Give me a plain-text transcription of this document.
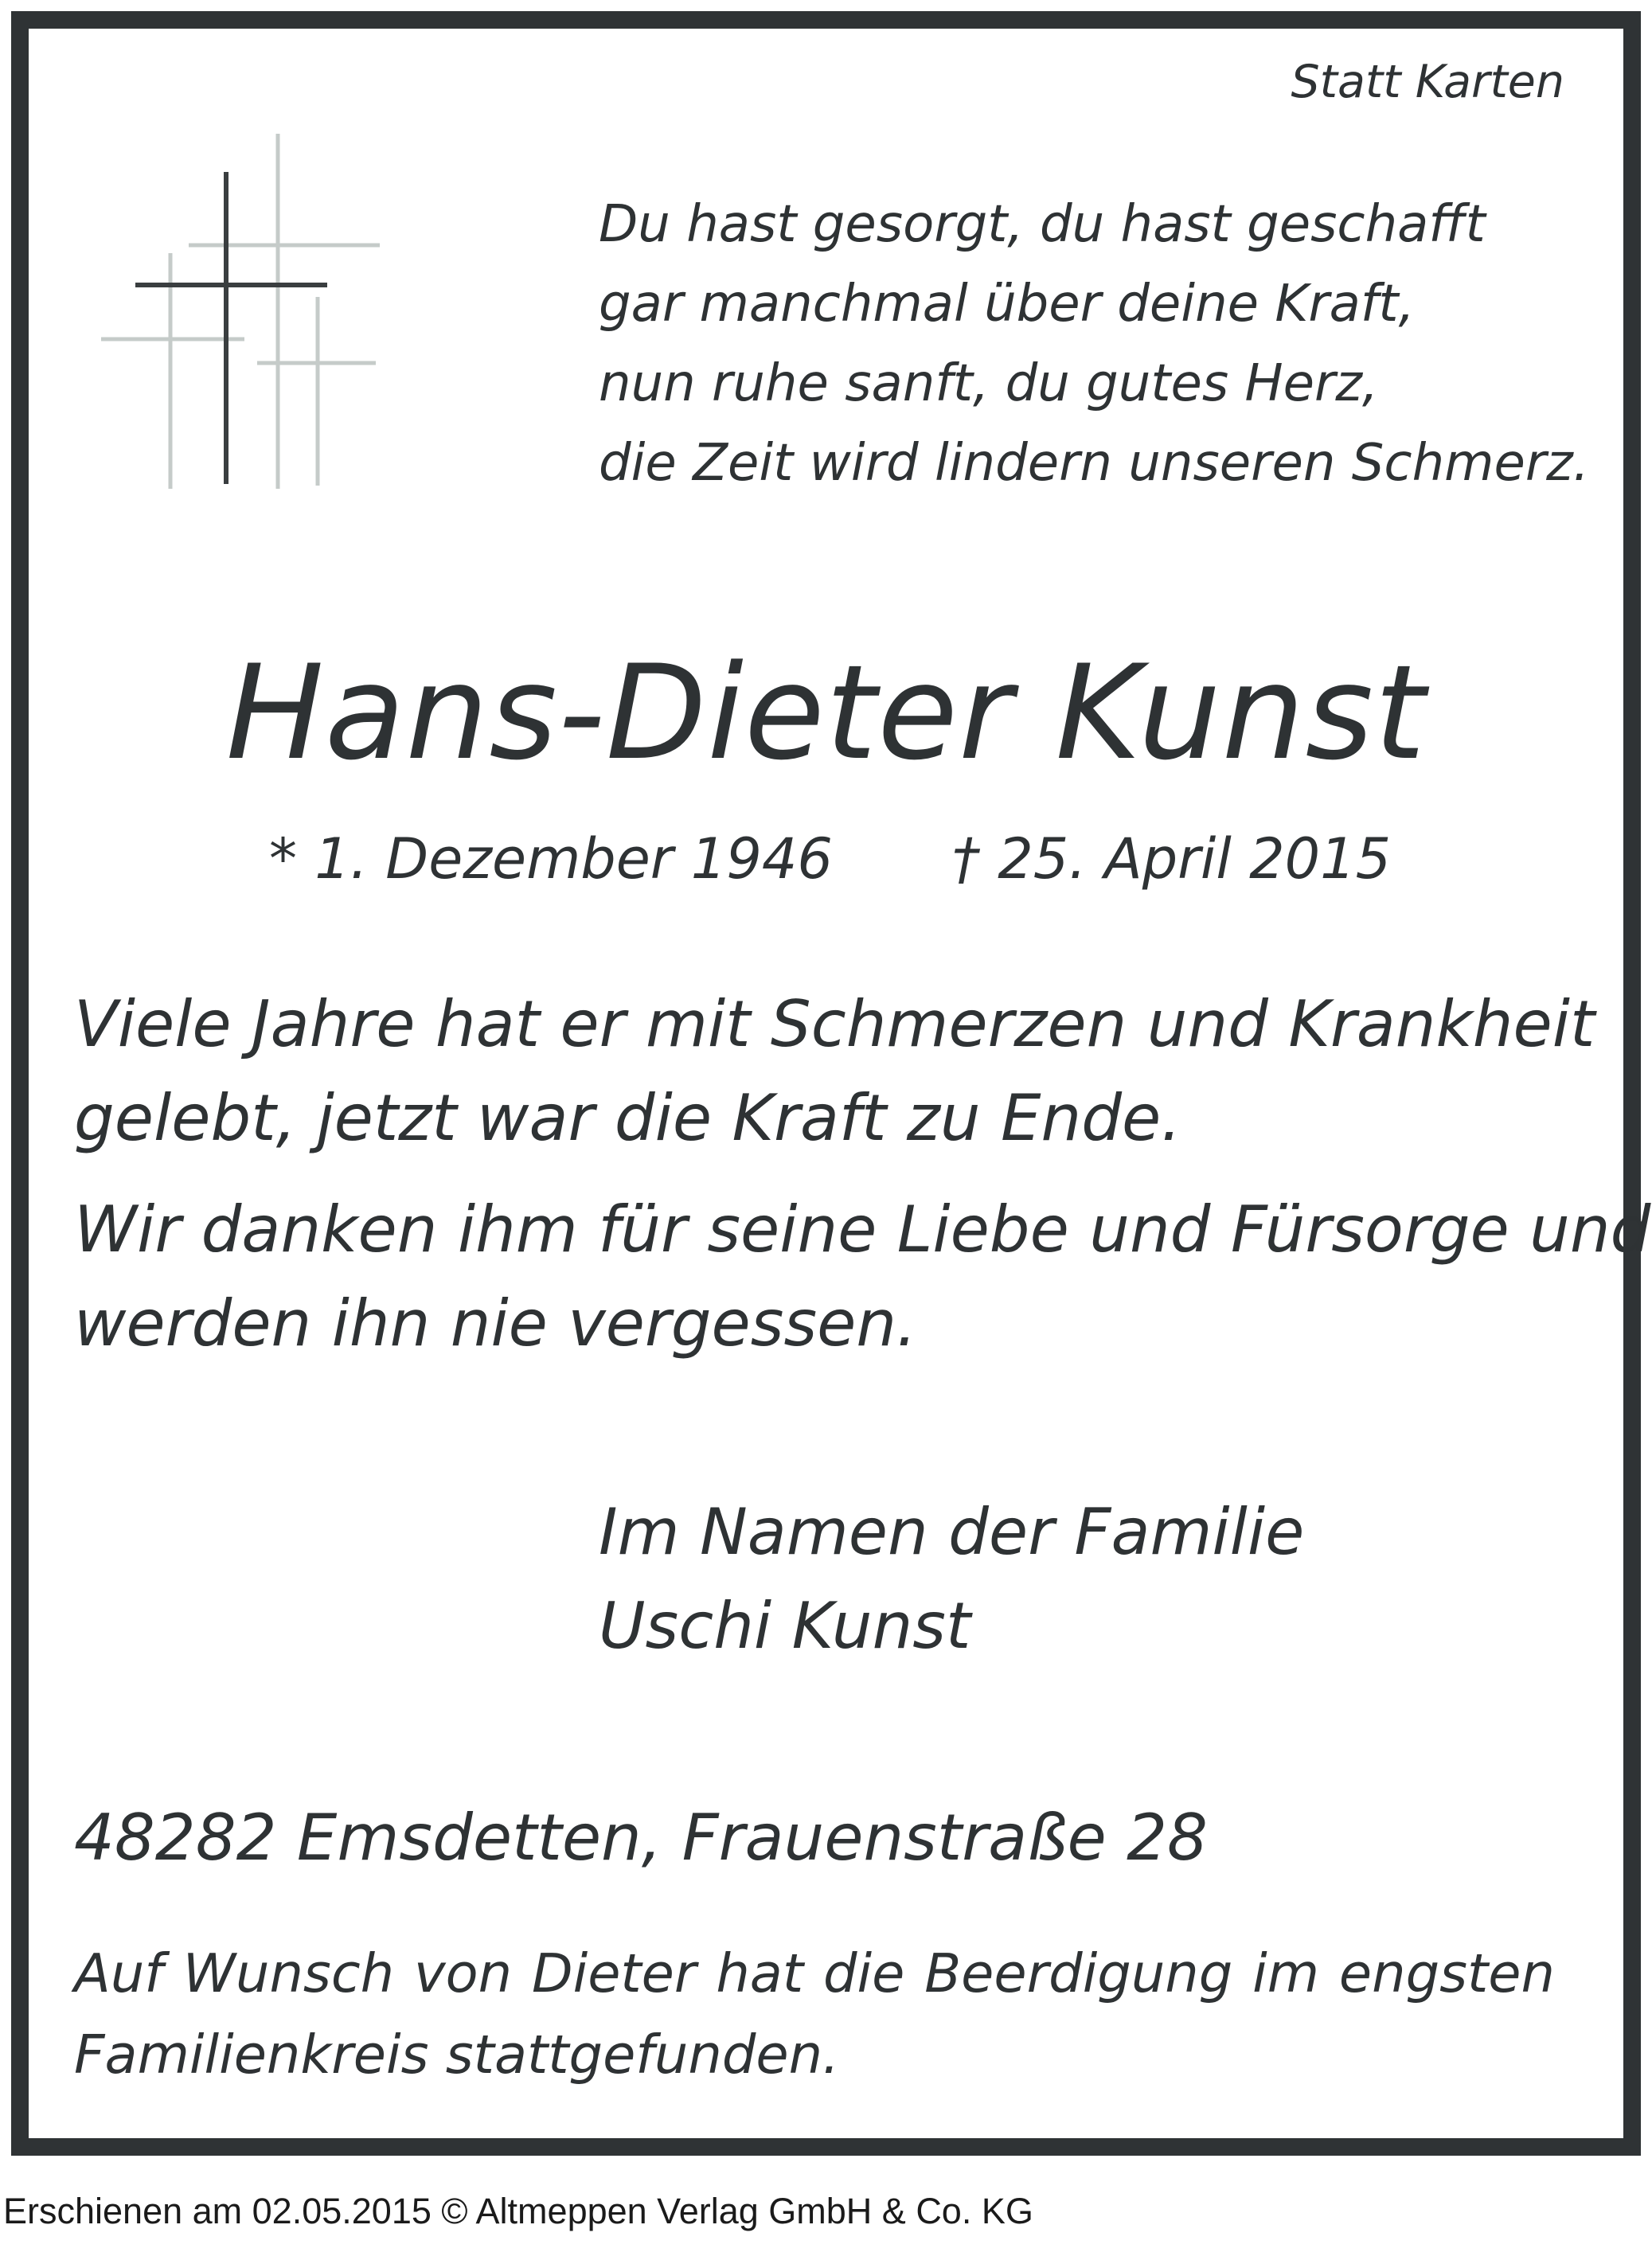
Statt Karten
Du hast gesorgt, du hast geschafft
gar manchmal über deine Kraft,
nun ruhe sanft, du gutes Herz,
die Zeit wird lindern unseren Schmerz.
Hans-Dieter Kunst
* 1. Dezember 1946 † 25. April 2015
Viele Jahre hat er mit Schmerzen und Krankheit
gelebt, jetzt war die Kraft zu Ende.
Wir danken ihm für seine Liebe und Fürsorge und
werden ihn nie vergessen.
Im Namen der Familie
Uschi Kunst
48282 Emsdetten, Frauenstraße 28
Auf Wunsch von Dieter hat die Beerdigung im engsten
Familienkreis stattgefunden.
Erschienen am 02.05.2015 © Altmeppen Verlag GmbH & Co. KG
